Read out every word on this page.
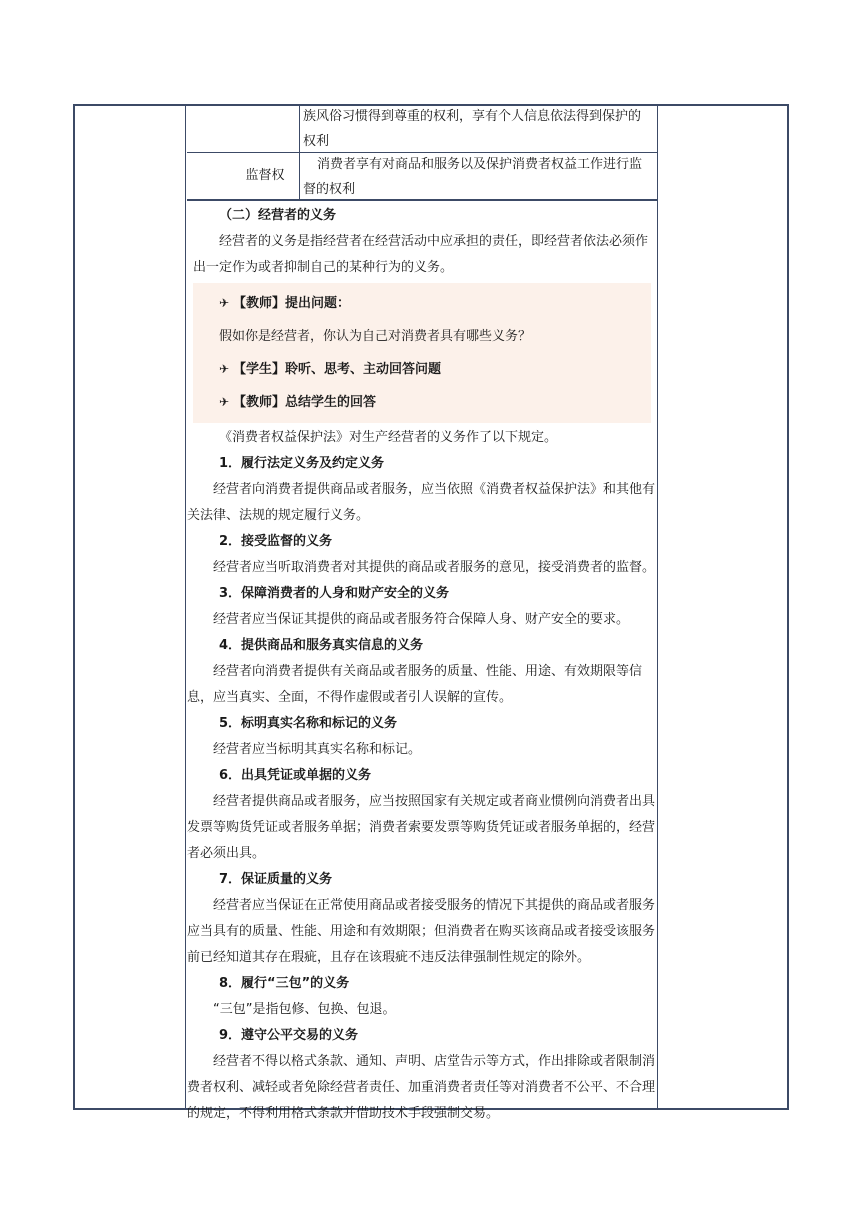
族风俗习惯得到尊重的权利，享有个人信息依法得到保护的权利
监督权
消费者享有对商品和服务以及保护消费者权益工作进行监督的权利
（二）经营者的义务

经营者的义务是指经营者在经营活动中应承担的责任，即经营者依法必须作出一定作为或者抑制自己的某种行为的义务。

✈ 【教师】提出问题：
假如你是经营者，你认为自己对消费者具有哪些义务？
✈ 【学生】聆听、思考、主动回答问题
✈ 【教师】总结学生的回答

《消费者权益保护法》对生产经营者的义务作了以下规定。

1．履行法定义务及约定义务

经营者向消费者提供商品或者服务，应当依照《消费者权益保护法》和其他有关法律、法规的规定履行义务。

2．接受监督的义务

经营者应当听取消费者对其提供的商品或者服务的意见，接受消费者的监督。

3．保障消费者的人身和财产安全的义务

经营者应当保证其提供的商品或者服务符合保障人身、财产安全的要求。

4．提供商品和服务真实信息的义务

经营者向消费者提供有关商品或者服务的质量、性能、用途、有效期限等信息，应当真实、全面，不得作虚假或者引人误解的宣传。

5．标明真实名称和标记的义务

经营者应当标明其真实名称和标记。

6．出具凭证或单据的义务

经营者提供商品或者服务，应当按照国家有关规定或者商业惯例向消费者出具发票等购货凭证或者服务单据；消费者索要发票等购货凭证或者服务单据的，经营者必须出具。

7．保证质量的义务

经营者应当保证在正常使用商品或者接受服务的情况下其提供的商品或者服务应当具有的质量、性能、用途和有效期限；但消费者在购买该商品或者接受该服务前已经知道其存在瑕疵，且存在该瑕疵不违反法律强制性规定的除外。

8．履行“三包”的义务

“三包”是指包修、包换、包退。

9．遵守公平交易的义务

经营者不得以格式条款、通知、声明、店堂告示等方式，作出排除或者限制消费者权利、减轻或者免除经营者责任、加重消费者责任等对消费者不公平、不合理的规定，不得利用格式条款并借助技术手段强制交易。
